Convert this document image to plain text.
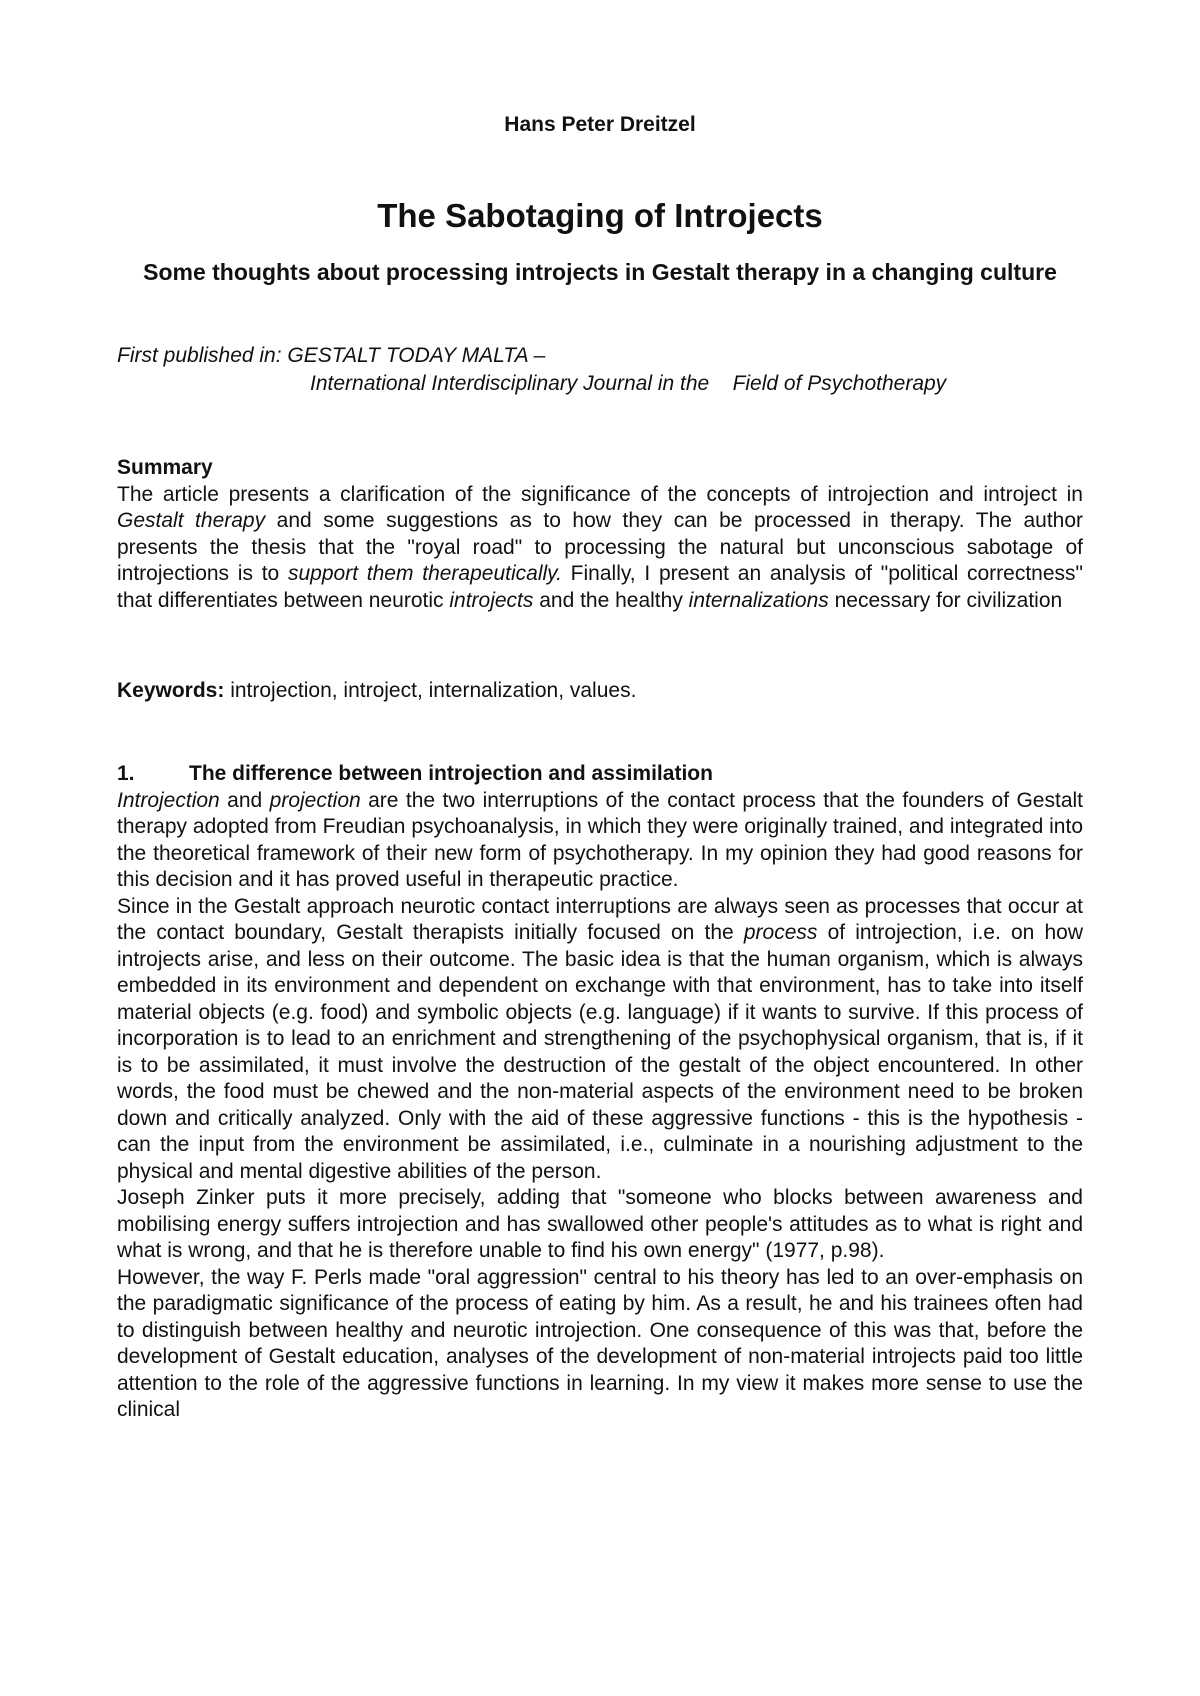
Hans Peter Dreitzel
The Sabotaging of Introjects
Some thoughts about processing introjects in Gestalt therapy in a changing culture
First published in: GESTALT TODAY MALTA –
International Interdisciplinary Journal in the    Field of Psychotherapy

Summary

The article presents a clarification of the significance of the concepts of introjection and introject in Gestalt therapy and some suggestions as to how they can be processed in therapy. The author presents the thesis that the "royal road" to processing the natural but unconscious sabotage of introjections is to support them therapeutically. Finally, I present an analysis of "political correctness" that differentiates between neurotic introjects and the healthy internalizations necessary for civilization

Keywords: introjection, introject, internalization, values.

1.	The difference between introjection and assimilation

Introjection and projection are the two interruptions of the contact process that the founders of Gestalt therapy adopted from Freudian psychoanalysis, in which they were originally trained, and integrated into the theoretical framework of their new form of psychotherapy. In my opinion they had good reasons for this decision and it has proved useful in therapeutic practice.

Since in the Gestalt approach neurotic contact interruptions are always seen as processes that occur at the contact boundary, Gestalt therapists initially focused on the process of introjection, i.e. on how introjects arise, and less on their outcome. The basic idea is that the human organism, which is always embedded in its environment and dependent on exchange with that environment, has to take into itself material objects (e.g. food) and symbolic objects (e.g. language) if it wants to survive. If this process of incorporation is to lead to an enrichment and strengthening of the psychophysical organism, that is, if it is to be assimilated, it must involve the destruction of the gestalt of the object encountered. In other words, the food must be chewed and the non-material aspects of the environment need to be broken down and critically analyzed. Only with the aid of these aggressive functions - this is the hypothesis - can the input from the environment be assimilated, i.e., culminate in a nourishing adjustment to the physical and mental digestive abilities of the person.

Joseph Zinker puts it more precisely, adding that "someone who blocks between awareness and mobilising energy suffers introjection and has swallowed other people's attitudes as to what is right and what is wrong, and that he is therefore unable to find his own energy" (1977, p.98).

However, the way F. Perls made "oral aggression" central to his theory has led to an over-emphasis on the paradigmatic significance of the process of eating by him. As a result, he and his trainees often had to distinguish between healthy and neurotic introjection. One consequence of this was that, before the development of Gestalt education, analyses of the development of non-material introjects paid too little attention to the role of the aggressive functions in learning. In my view it makes more sense to use the clinical
